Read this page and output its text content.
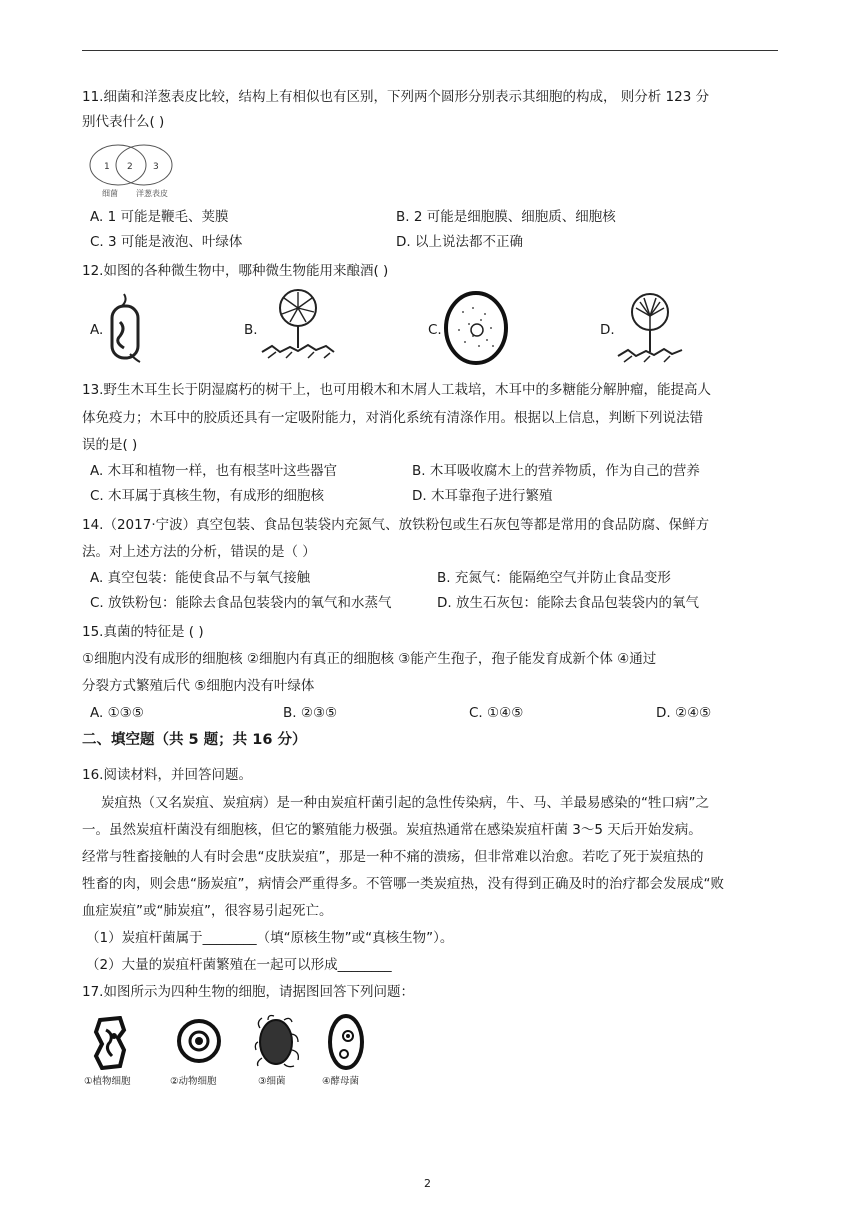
11.细菌和洋葱表皮比较，结构上有相似也有区别，下列两个圆形分别表示其细胞的构成， 则分析 123 分
别代表什么( )
1 2 3
细菌 洋葱表皮
A. 1 可能是鞭毛、荚膜	B. 2 可能是细胞膜、细胞质、细胞核
C. 3 可能是液泡、叶绿体	D. 以上说法都不正确
12.如图的各种微生物中，哪种微生物能用来酿酒( )
A.	B.	C.	D.
13.野生木耳生长于阴湿腐朽的树干上，也可用椴木和木屑人工栽培，木耳中的多糖能分解肿瘤，能提高人
体免疫力；木耳中的胶质还具有一定吸附能力，对消化系统有清涤作用。根据以上信息，判断下列说法错
误的是( )
A. 木耳和植物一样，也有根茎叶这些器官	B. 木耳吸收腐木上的营养物质，作为自己的营养
C. 木耳属于真核生物，有成形的细胞核	D. 木耳靠孢子进行繁殖
14.（2017·宁波）真空包装、食品包装袋内充氮气、放铁粉包或生石灰包等都是常用的食品防腐、保鲜方
法。对上述方法的分析，错误的是（ ）
A. 真空包装：能使食品不与氧气接触	B. 充氮气：能隔绝空气并防止食品变形
C. 放铁粉包：能除去食品包装袋内的氧气和水蒸气	D. 放生石灰包：能除去食品包装袋内的氧气
15.真菌的特征是 ( )
①细胞内没有成形的细胞核 ②细胞内有真正的细胞核 ③能产生孢子，孢子能发育成新个体 ④通过
分裂方式繁殖后代 ⑤细胞内没有叶绿体
A. ①③⑤	B. ②③⑤	C. ①④⑤	D. ②④⑤
二、填空题（共 5 题；共 16 分）
16.阅读材料，并回答问题。
炭疽热（又名炭疽、炭疽病）是一种由炭疽杆菌引起的急性传染病，牛、马、羊最易感染的“牲口病”之
一。虽然炭疽杆菌没有细胞核，但它的繁殖能力极强。炭疽热通常在感染炭疽杆菌 3～5 天后开始发病。
经常与牲畜接触的人有时会患“皮肤炭疽”，那是一种不痛的溃疡，但非常难以治愈。若吃了死于炭疽热的
牲畜的肉，则会患“肠炭疽”，病情会严重得多。不管哪一类炭疽热，没有得到正确及时的治疗都会发展成“败
血症炭疽”或“肺炭疽”，很容易引起死亡。
（1）炭疽杆菌属于________（填“原核生物”或“真核生物”）。
（2）大量的炭疽杆菌繁殖在一起可以形成________
17.如图所示为四种生物的细胞，请据图回答下列问题：
①植物细胞	②动物细胞	③细菌	④酵母菌
2
